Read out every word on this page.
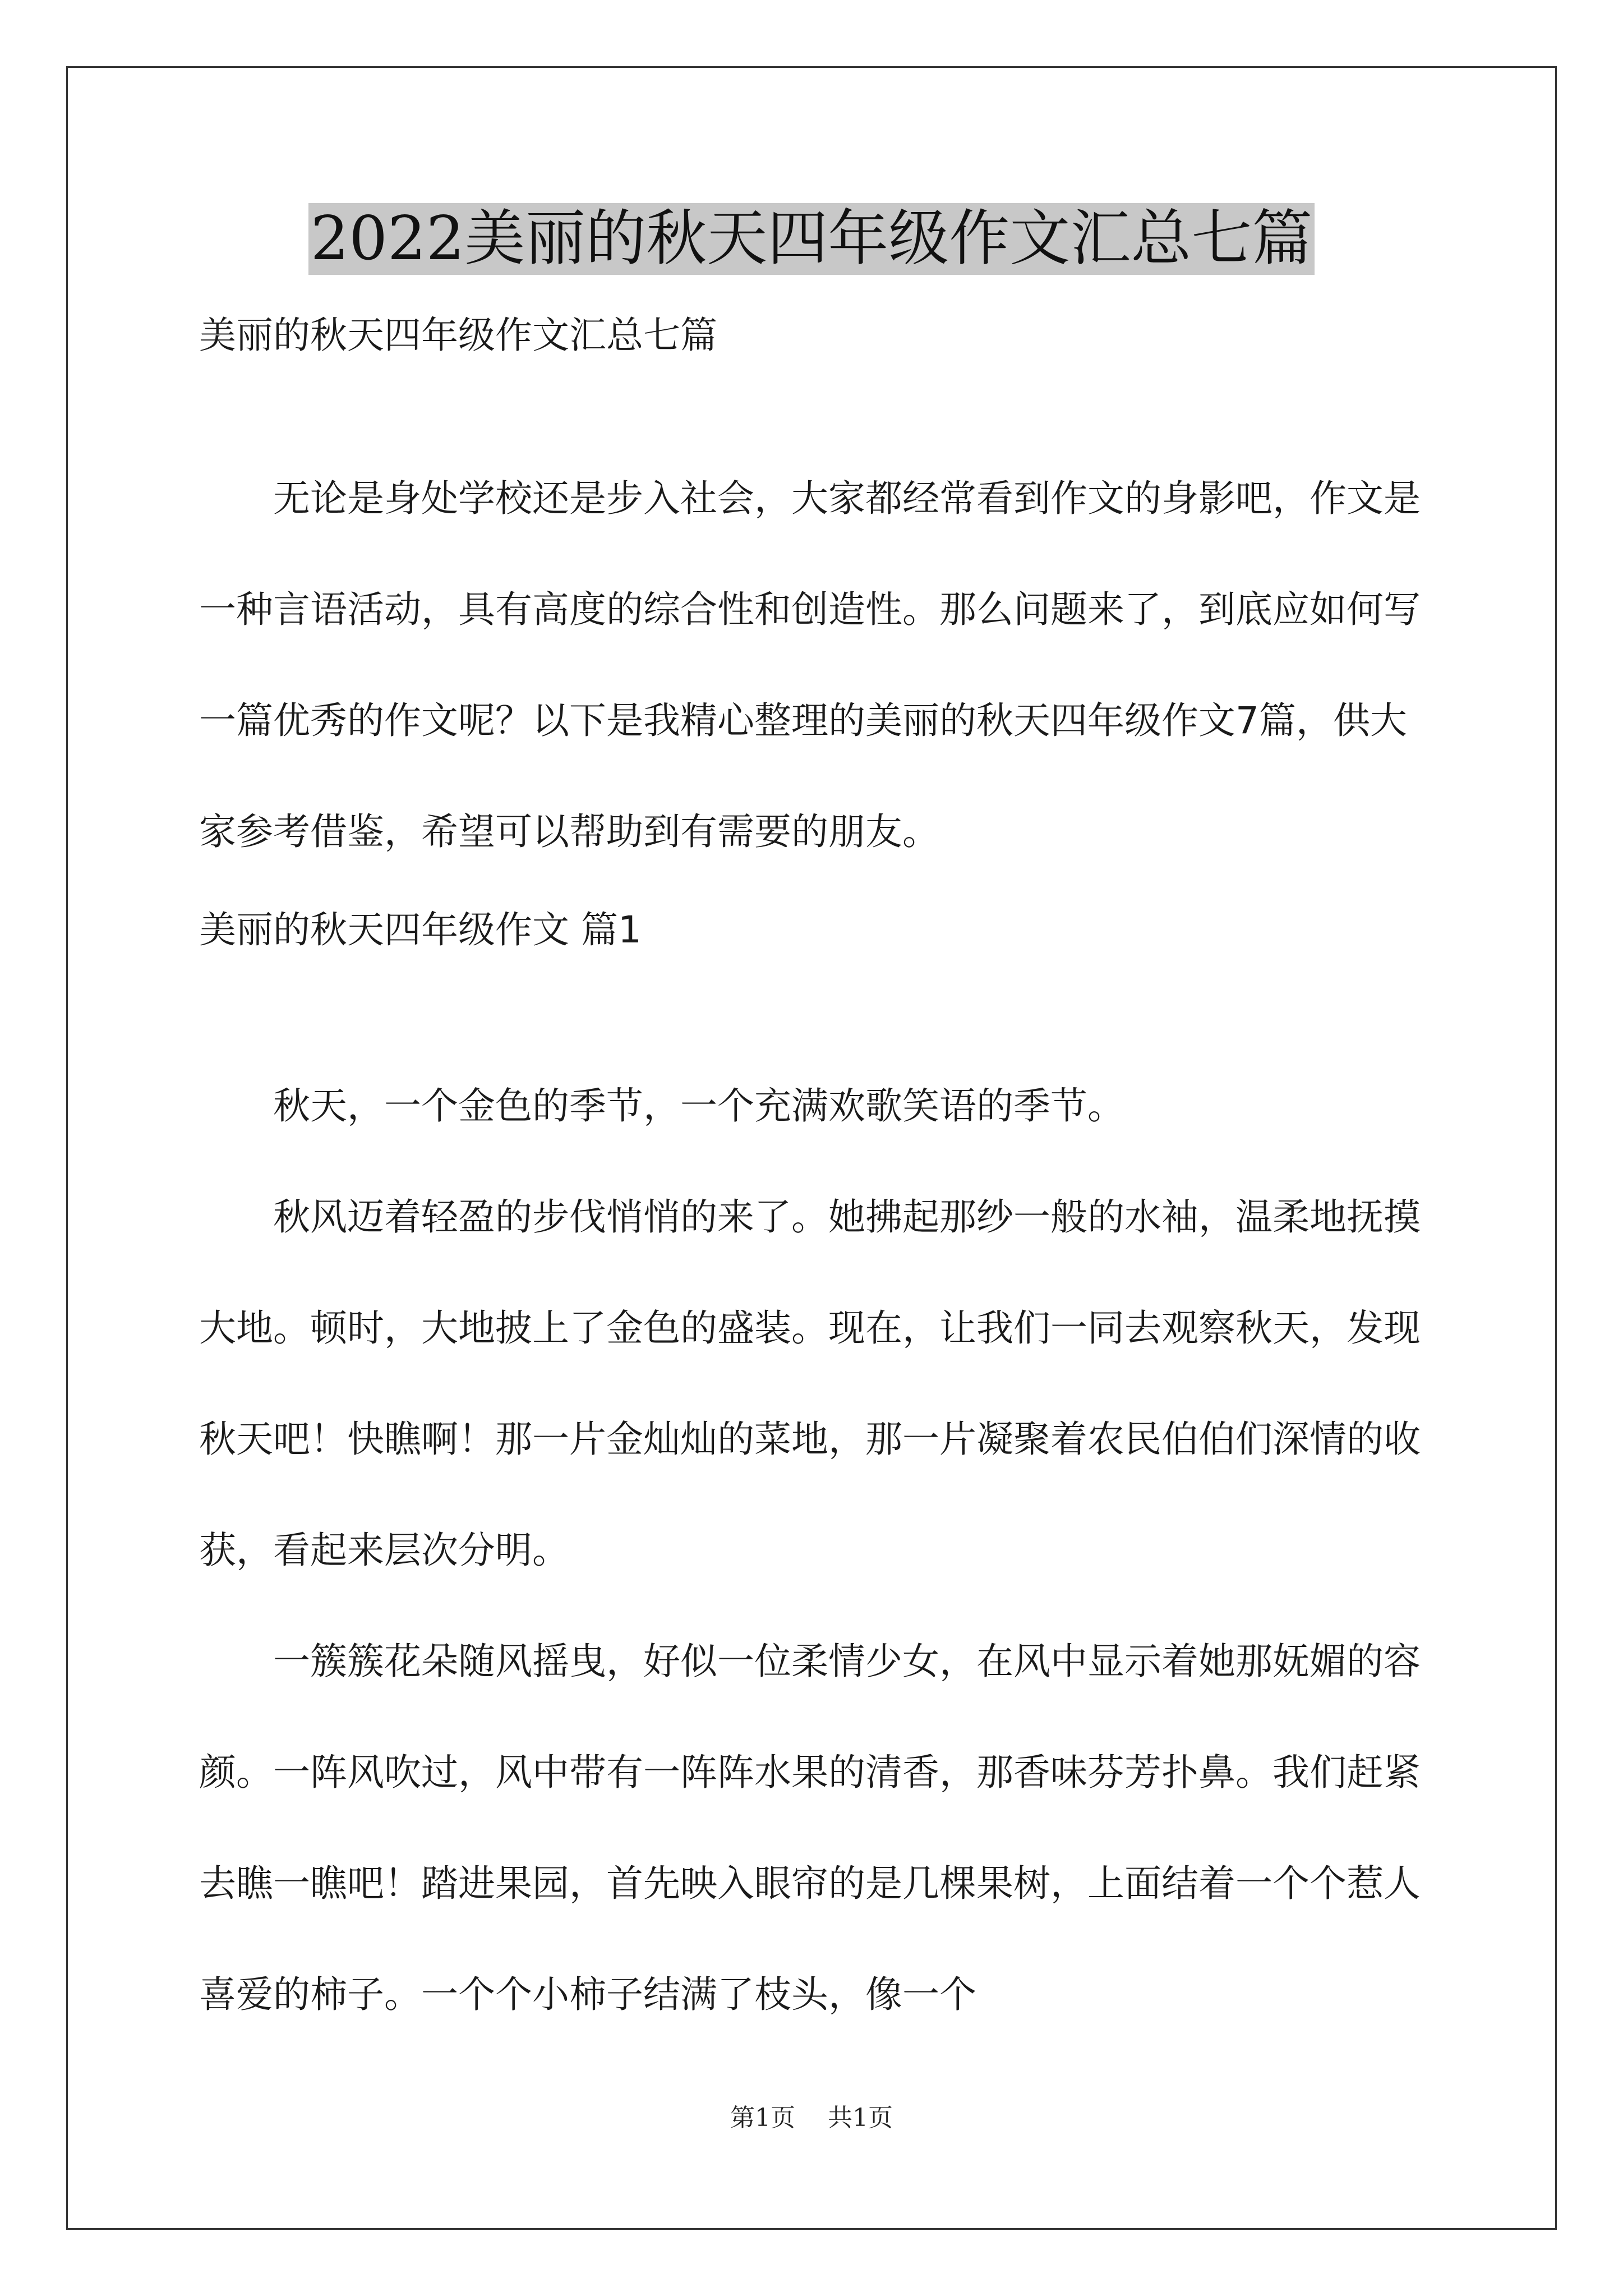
2022美丽的秋天四年级作文汇总七篇
美丽的秋天四年级作文汇总七篇

无论是身处学校还是步入社会，大家都经常看到作文的身影吧，作文是一种言语活动，具有高度的综合性和创造性。那么问题来了，到底应如何写一篇优秀的作文呢？以下是我精心整理的美丽的秋天四年级作文7篇，供大家参考借鉴，希望可以帮助到有需要的朋友。

美丽的秋天四年级作文 篇1

秋天，一个金色的季节，一个充满欢歌笑语的季节。

秋风迈着轻盈的步伐悄悄的来了。她拂起那纱一般的水袖，温柔地抚摸大地。顿时，大地披上了金色的盛装。现在，让我们一同去观察秋天，发现秋天吧！快瞧啊！那一片金灿灿的菜地，那一片凝聚着农民伯伯们深情的收获，看起来层次分明。

一簇簇花朵随风摇曳，好似一位柔情少女，在风中显示着她那妩媚的容颜。一阵风吹过，风中带有一阵阵水果的清香，那香味芬芳扑鼻。我们赶紧去瞧一瞧吧！踏进果园，首先映入眼帘的是几棵果树，上面结着一个个惹人喜爱的柿子。一个个小柿子结满了枝头，像一个

第1页 共1页
